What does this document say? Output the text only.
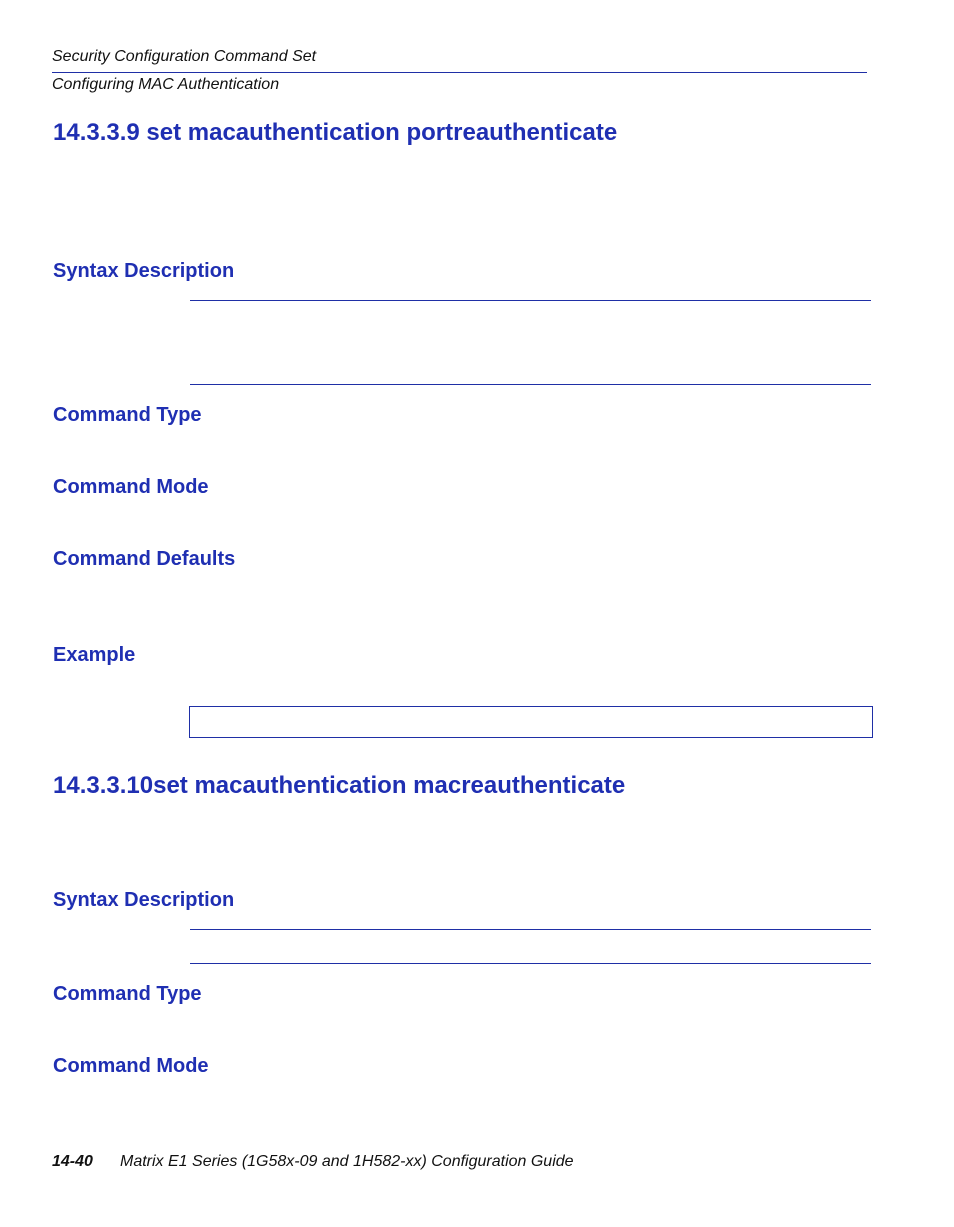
Security Configuration Command Set
Configuring MAC Authentication
14.3.3.9 set macauthentication portreauthenticate
Syntax Description
Command Type
Command Mode
Command Defaults
Example
14.3.3.10set macauthentication macreauthenticate
Syntax Description
Command Type
Command Mode
14-40 Matrix E1 Series (1G58x-09 and 1H582-xx) Configuration Guide
